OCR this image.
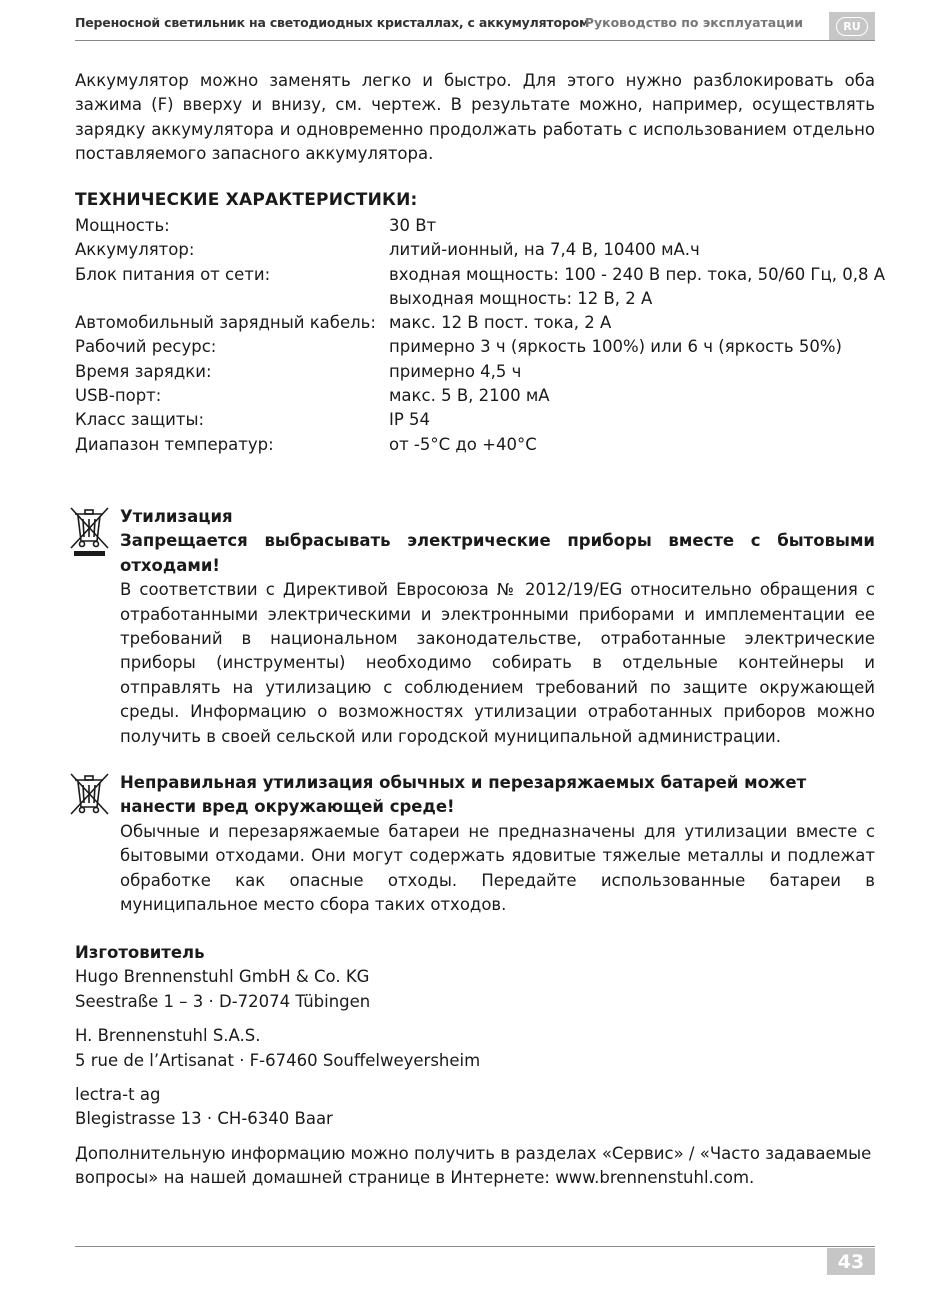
Переносной светильник на светодиодных кристаллах, с аккумулятором
Руководство по эксплуатации	RU
Аккумулятор можно заменять легко и быстро. Для этого нужно разблокировать оба зажима (F) вверху и внизу, см. чертеж. В результате можно, например, осуществлять зарядку аккумулятора и одновременно продолжать работать с использованием отдельно поставляемого запасного аккумулятора.
ТЕХНИЧЕСКИЕ ХАРАКТЕРИСТИКИ:
Мощность:	30 Вт
Аккумулятор:	литий-ионный, на 7,4 В, 10400 мА.ч
Блок питания от сети:	входная мощность: 100 - 240 В пер. тока, 50/60 Гц, 0,8 А
	выходная мощность: 12 В, 2 А
Автомобильный зарядный кабель:	макс. 12 В пост. тока, 2 А
Рабочий ресурс:	примерно 3 ч (яркость 100%) или 6 ч (яркость 50%)
Время зарядки:	примерно 4,5 ч
USB-порт:	макс. 5 В, 2100 мА
Класс защиты:	IP 54
Диапазон температур:	от -5°C до +40°C
Утилизация
Запрещается выбрасывать электрические приборы вместе с бытовыми отходами!
В соответствии с Директивой Евросоюза № 2012/19/EG относительно обращения с отработанными электрическими и электронными приборами и имплементации ее требований в национальном законодательстве, отработанные электрические приборы (инструменты) необходимо собирать в отдельные контейнеры и отправлять на утилизацию с соблюдением требований по защите окружающей среды. Информацию о возможностях утилизации отработанных приборов можно получить в своей сельской или городской муниципальной администрации.
Неправильная утилизация обычных и перезаряжаемых батарей может нанести вред окружающей среде!
Обычные и перезаряжаемые батареи не предназначены для утилизации вместе с бытовыми отходами. Они могут содержать ядовитые тяжелые металлы и подлежат обработке как опасные отходы. Передайте использованные батареи в муниципальное место сбора таких отходов.
Изготовитель
Hugo Brennenstuhl GmbH & Co. KG
Seestraße 1 – 3 · D-72074 Tübingen
H. Brennenstuhl S.A.S.
5 rue de l’Artisanat · F-67460 Souffelweyersheim
lectra-t ag
Blegistrasse 13 · CH-6340 Baar
Дополнительную информацию можно получить в разделах «Сервис» / «Часто задаваемые вопросы» на нашей домашней странице в Интернете: www.brennenstuhl.com.
43
